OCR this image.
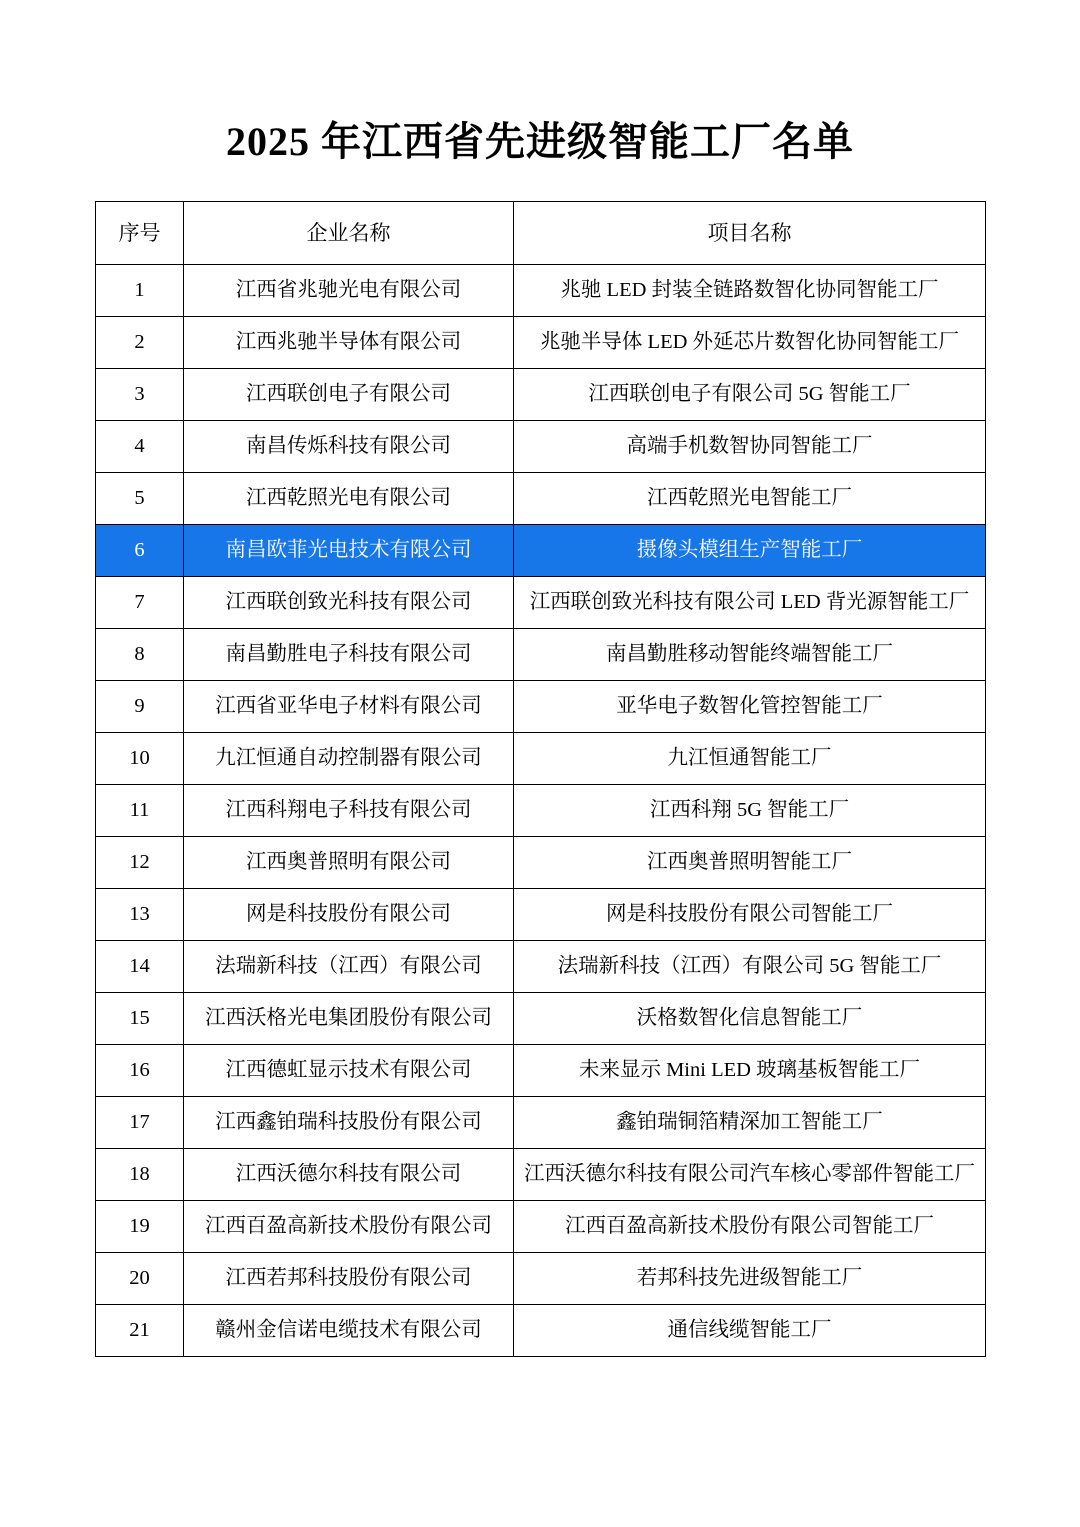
2025 年江西省先进级智能工厂名单
序号	企业名称	项目名称
1	江西省兆驰光电有限公司	兆驰 LED 封装全链路数智化协同智能工厂
2	江西兆驰半导体有限公司	兆驰半导体 LED 外延芯片数智化协同智能工厂
3	江西联创电子有限公司	江西联创电子有限公司 5G 智能工厂
4	南昌传烁科技有限公司	高端手机数智协同智能工厂
5	江西乾照光电有限公司	江西乾照光电智能工厂
6	南昌欧菲光电技术有限公司	摄像头模组生产智能工厂
7	江西联创致光科技有限公司	江西联创致光科技有限公司 LED 背光源智能工厂
8	南昌勤胜电子科技有限公司	南昌勤胜移动智能终端智能工厂
9	江西省亚华电子材料有限公司	亚华电子数智化管控智能工厂
10	九江恒通自动控制器有限公司	九江恒通智能工厂
11	江西科翔电子科技有限公司	江西科翔 5G 智能工厂
12	江西奥普照明有限公司	江西奥普照明智能工厂
13	网是科技股份有限公司	网是科技股份有限公司智能工厂
14	法瑞新科技（江西）有限公司	法瑞新科技（江西）有限公司 5G 智能工厂
15	江西沃格光电集团股份有限公司	沃格数智化信息智能工厂
16	江西德虹显示技术有限公司	未来显示 Mini LED 玻璃基板智能工厂
17	江西鑫铂瑞科技股份有限公司	鑫铂瑞铜箔精深加工智能工厂
18	江西沃德尔科技有限公司	江西沃德尔科技有限公司汽车核心零部件智能工厂
19	江西百盈高新技术股份有限公司	江西百盈高新技术股份有限公司智能工厂
20	江西若邦科技股份有限公司	若邦科技先进级智能工厂
21	赣州金信诺电缆技术有限公司	通信线缆智能工厂
